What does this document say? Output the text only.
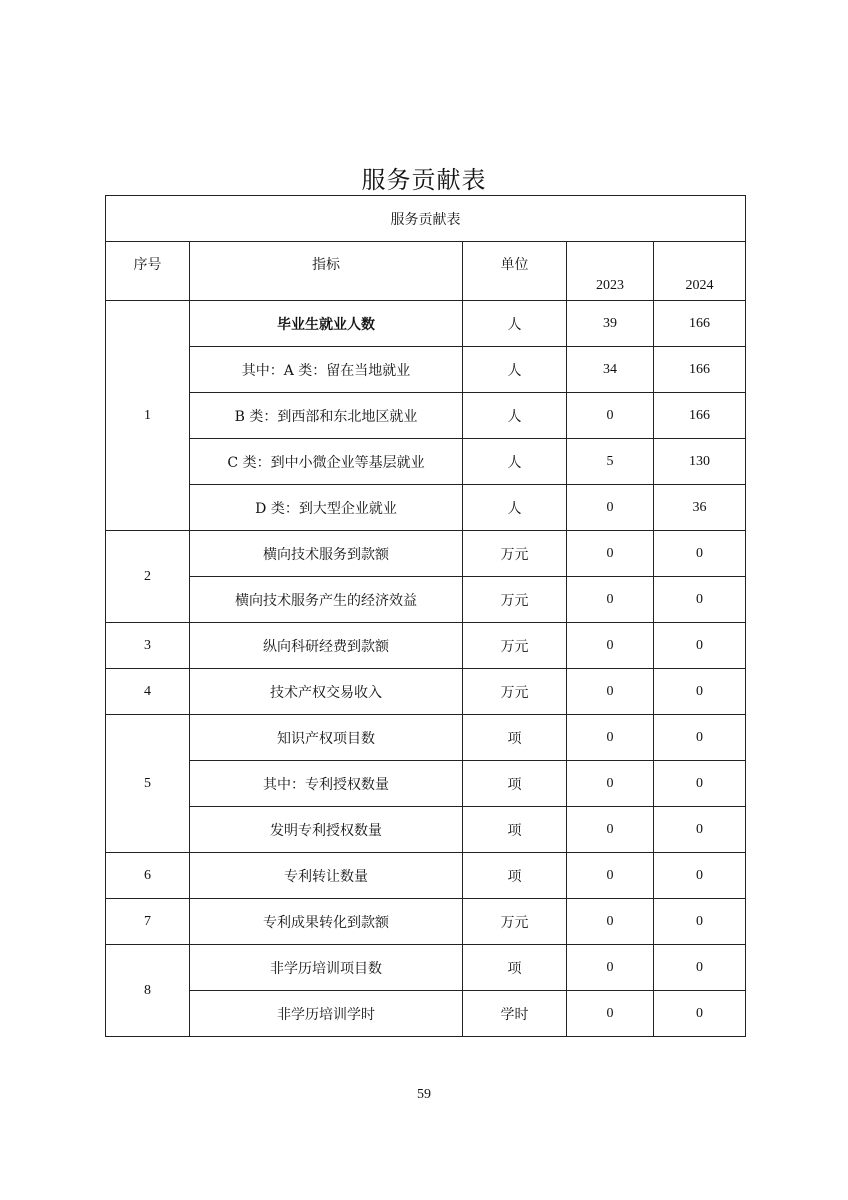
服务贡献表
服务贡献表				
序号	指标	单位	2023	2024
1	毕业生就业人数	人	39	166
	其中：A 类：留在当地就业	人	34	166
	B 类：到西部和东北地区就业	人	0	166
	C 类：到中小微企业等基层就业	人	5	130
	D 类：到大型企业就业	人	0	36
2	横向技术服务到款额	万元	0	0
	横向技术服务产生的经济效益	万元	0	0
3	纵向科研经费到款额	万元	0	0
4	技术产权交易收入	万元	0	0
5	知识产权项目数	项	0	0
	其中：专利授权数量	项	0	0
	发明专利授权数量	项	0	0
6	专利转让数量	项	0	0
7	专利成果转化到款额	万元	0	0
8	非学历培训项目数	项	0	0
	非学历培训学时	学时	0	0
59
